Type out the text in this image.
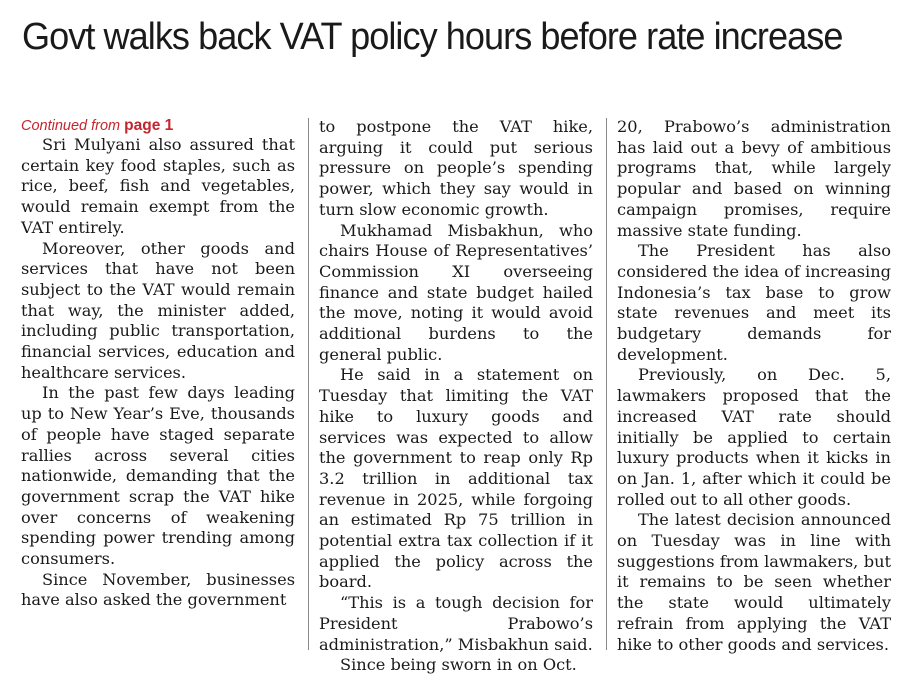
Govt walks back VAT policy hours before rate increase

Continued from page 1

Sri Mulyani also assured that certain key food staples, such as rice, beef, fish and vegetables, would remain exempt from the VAT entirely.

Moreover, other goods and services that have not been subject to the VAT would remain that way, the minister added, including public transportation, financial services, education and healthcare services.

In the past few days leading up to New Year’s Eve, thousands of people have staged separate rallies across several cities nationwide, demanding that the government scrap the VAT hike over concerns of weakening spending power trending among consumers.

Since November, businesses have also asked the government

to postpone the VAT hike, arguing it could put serious pressure on people’s spending power, which they say would in turn slow economic growth.

Mukhamad Misbakhun, who chairs House of Representatives’ Commission XI overseeing finance and state budget hailed the move, noting it would avoid additional burdens to the general public.

He said in a statement on Tuesday that limiting the VAT hike to luxury goods and services was expected to allow the government to reap only Rp 3.2 trillion in additional tax revenue in 2025, while forgoing an estimated Rp 75 trillion in potential extra tax collection if it applied the policy across the board.

“This is a tough decision for President Prabowo’s administration,” Misbakhun said.

Since being sworn in on Oct.

20, Prabowo’s administration has laid out a bevy of ambitious programs that, while largely popular and based on winning campaign promises, require massive state funding.

The President has also considered the idea of increasing Indonesia’s tax base to grow state revenues and meet its budgetary demands for development.

Previously, on Dec. 5, lawmakers proposed that the increased VAT rate should initially be applied to certain luxury products when it kicks in on Jan. 1, after which it could be rolled out to all other goods.

The latest decision announced on Tuesday was in line with suggestions from lawmakers, but it remains to be seen whether the state would ultimately refrain from applying the VAT hike to other goods and services.
